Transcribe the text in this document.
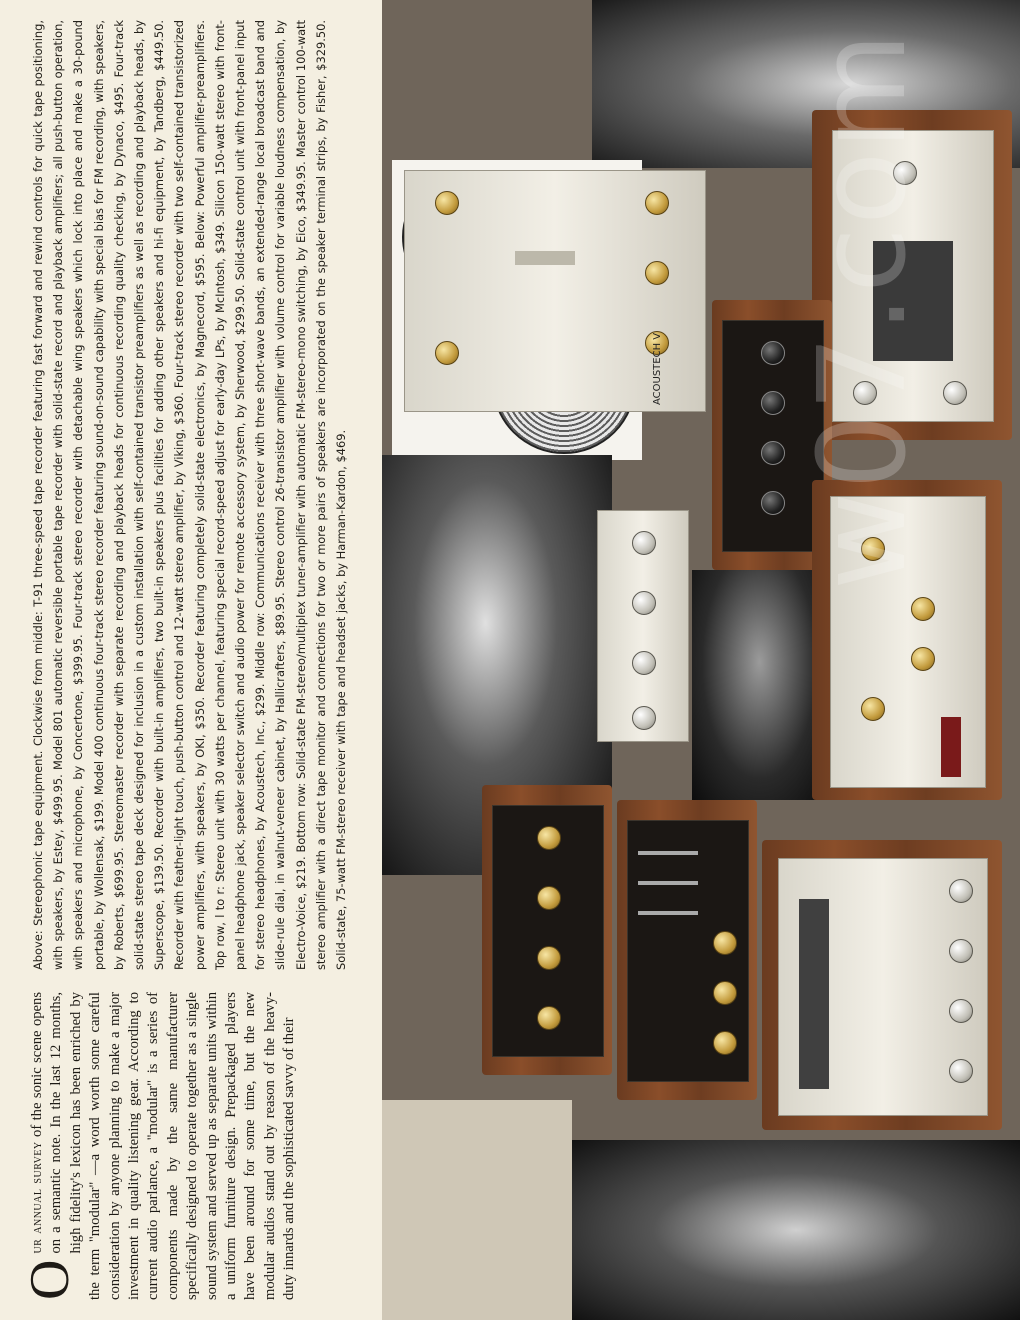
O
ur annual survey of the sonic scene opens on a semantic note. In the last 12 months, high fidelity's lexicon has been enriched by the term "modular" —a word worth some careful consideration by anyone planning to make a major investment in quality listening gear. According to current audio parlance, a "modular" is a series of components made by the same manufacturer specifically designed to operate together as a single sound system and served up as separate units within a uniform furniture design. Prepackaged players have been around for some time, but the new modular audios stand out by reason of the heavy-duty innards and the sophisticated savvy of their
Above: Stereophonic tape equipment. Clockwise from middle: T-91 three-speed tape recorder featuring fast forward and rewind controls for quick tape positioning, with speakers, by Estey, $499.95. Model 801 automatic reversible portable tape recorder with solid-state record and playback amplifiers; all push-button operation, with speakers and microphone, by Concertone, $399.95. Four-track stereo recorder with detachable wing speakers which lock into place and make a 30-pound portable, by Wollensak, $199. Model 400 continuous four-track stereo recorder featuring sound-on-sound capability with special bias for FM recording, with speakers, by Roberts, $699.95. Stereomaster recorder with separate recording and playback heads for continuous recording quality checking, by Dynaco, $495. Four-track solid-state stereo tape deck designed for inclusion in a custom installation with self-contained transistor preamplifiers as well as recording and playback heads, by Superscope, $139.50. Recorder with built-in amplifiers, two built-in speakers plus facilities for adding other speakers and hi-fi equipment, by Tandberg, $449.50. Recorder with feather-light touch, push-button control and 12-watt stereo amplifier, by Viking, $360. Four-track stereo recorder with two self-contained transistorized power amplifiers, with speakers, by OKI, $350. Recorder featuring completely solid-state electronics, by Magnecord, $595. Below: Powerful amplifier-preamplifiers. Top row, l to r: Stereo unit with 30 watts per channel, featuring special record-speed adjust for early-day LPs, by McIntosh, $349. Silicon 150-watt stereo with front-panel headphone jack, speaker selector switch and audio power for remote accessory system, by Sherwood, $299.50. Solid-state control unit with front-panel input for stereo headphones, by Acoustech, Inc., $299. Middle row: Communications receiver with three short-wave bands, an extended-range local broadcast band and slide-rule dial, in walnut-veneer cabinet, by Hallicrafters, $89.95. Stereo control 26-transistor amplifier with volume control for variable loudness compensation, by Electro-Voice, $219. Bottom row: Solid-state FM-stereo/multiplex tuner-amplifier with automatic FM-stereo-mono switching, by Eico, $349.95. Master control 100-watt stereo amplifier with a direct tape monitor and connections for two or more pairs of speakers are incorporated on the speaker terminal strips, by Fisher, $329.50. Solid-state, 75-watt FM-stereo receiver with tape and headset jacks, by Harman-Kardon, $469.
ACOUSTECH V w07.com
